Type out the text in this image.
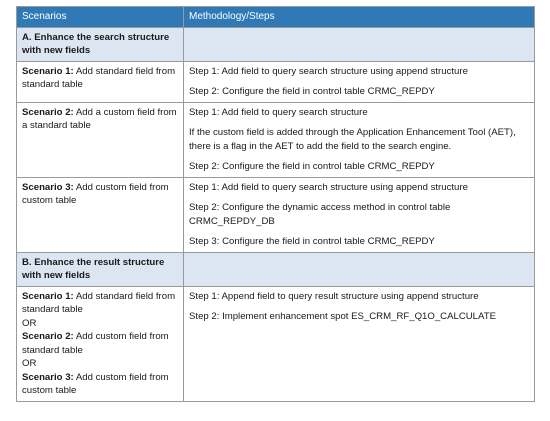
Scenarios	Methodology/Steps
A. Enhance the search structure with new fields	
Scenario 1: Add standard field from standard table	Step 1: Add field to query search structure using append structure
Step 2: Configure the field in control table CRMC_REPDY

Scenario 2: Add a custom field from a standard table	Step 1: Add field to query search structure
If the custom field is added through the Application Enhancement Tool (AET), there is a flag in the AET to add the field to the search engine.
Step 2: Configure the field in control table CRMC_REPDY

Scenario 3: Add custom field from custom table	Step 1: Add field to query search structure using append structure
Step 2: Configure the dynamic access method in control table CRMC_REPDY_DB
Step 3: Configure the field in control table CRMC_REPDY

B. Enhance the result structure with new fields	
Scenario 1: Add standard field from standard table
OR
Scenario 2: Add custom field from standard table
OR
Scenario 3: Add custom field from custom table	Step 1: Append field to query result structure using append structure
Step 2: Implement enhancement spot ES_CRM_RF_Q1O_CALCULATE
